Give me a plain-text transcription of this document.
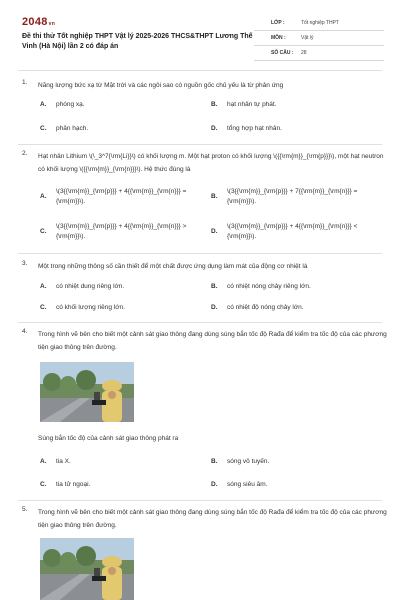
2048vn
Đề thi thử Tốt nghiệp THPT Vật lý 2025-2026 THCS&THPT Lương Thế Vinh (Hà Nội) lần 2 có đáp án
LỚP :	Tốt nghiệp THPT
MÔN :	Vật lý
SỐ CÂU : 28
1. Năng lượng bức xạ từ Mặt trời và các ngôi sao có nguồn gốc chủ yếu là từ phản ứng
A. phóng xạ.	B. hạt nhân tự phát.
C. phân hạch.	D. tổng hợp hạt nhân.
2. Hạt nhân Lithium \(\_3^7{\rm{Li}}\) có khối lượng m. Một hạt proton có khối lượng \({{\rm{m}}_{\rm{p}}}\), một hạt neutron có khối lượng \({{\rm{m}}_{\rm{n}}}\). Hệ thức đúng là
A.
\(3{{\rm{m}}_{\rm{p}}} + 4{{\rm{m}}_{\rm{n}}} = {\rm{m}}\).
B.
\(3{{\rm{m}}_{\rm{p}}} + 7{{\rm{m}}_{\rm{n}}} = {\rm{m}}\).
C.
\(3{{\rm{m}}_{\rm{p}}} + 4{{\rm{m}}_{\rm{n}}} > {\rm{m}}\).
D.
\(3{{\rm{m}}_{\rm{p}}} + 4{{\rm{m}}_{\rm{n}}} < {\rm{m}}\).
3. Một trong những thông số cần thiết để một chất được ứng dụng làm mát của động cơ nhiệt là
A. có nhiệt dung riêng lớn.	B. có nhiệt nóng chảy riêng lớn.
C. có khối lượng riêng lớn.	D. có nhiệt độ nóng chảy lớn.
4. Trong hình vẽ bên cho biết một cảnh sát giao thông đang dùng súng bắn tốc độ Rađa để kiểm tra tốc độ của các phương tiện giao thông trên đường.
Súng bắn tốc độ của cảnh sát giao thông phát ra
A. tia X.	B. sóng vô tuyến.
C. tia tử ngoại.	D. sóng siêu âm.
5. Trong hình vẽ bên cho biết một cảnh sát giao thông đang dùng súng bắn tốc độ Rađa để kiểm tra tốc độ của các phương tiện giao thông trên đường.
